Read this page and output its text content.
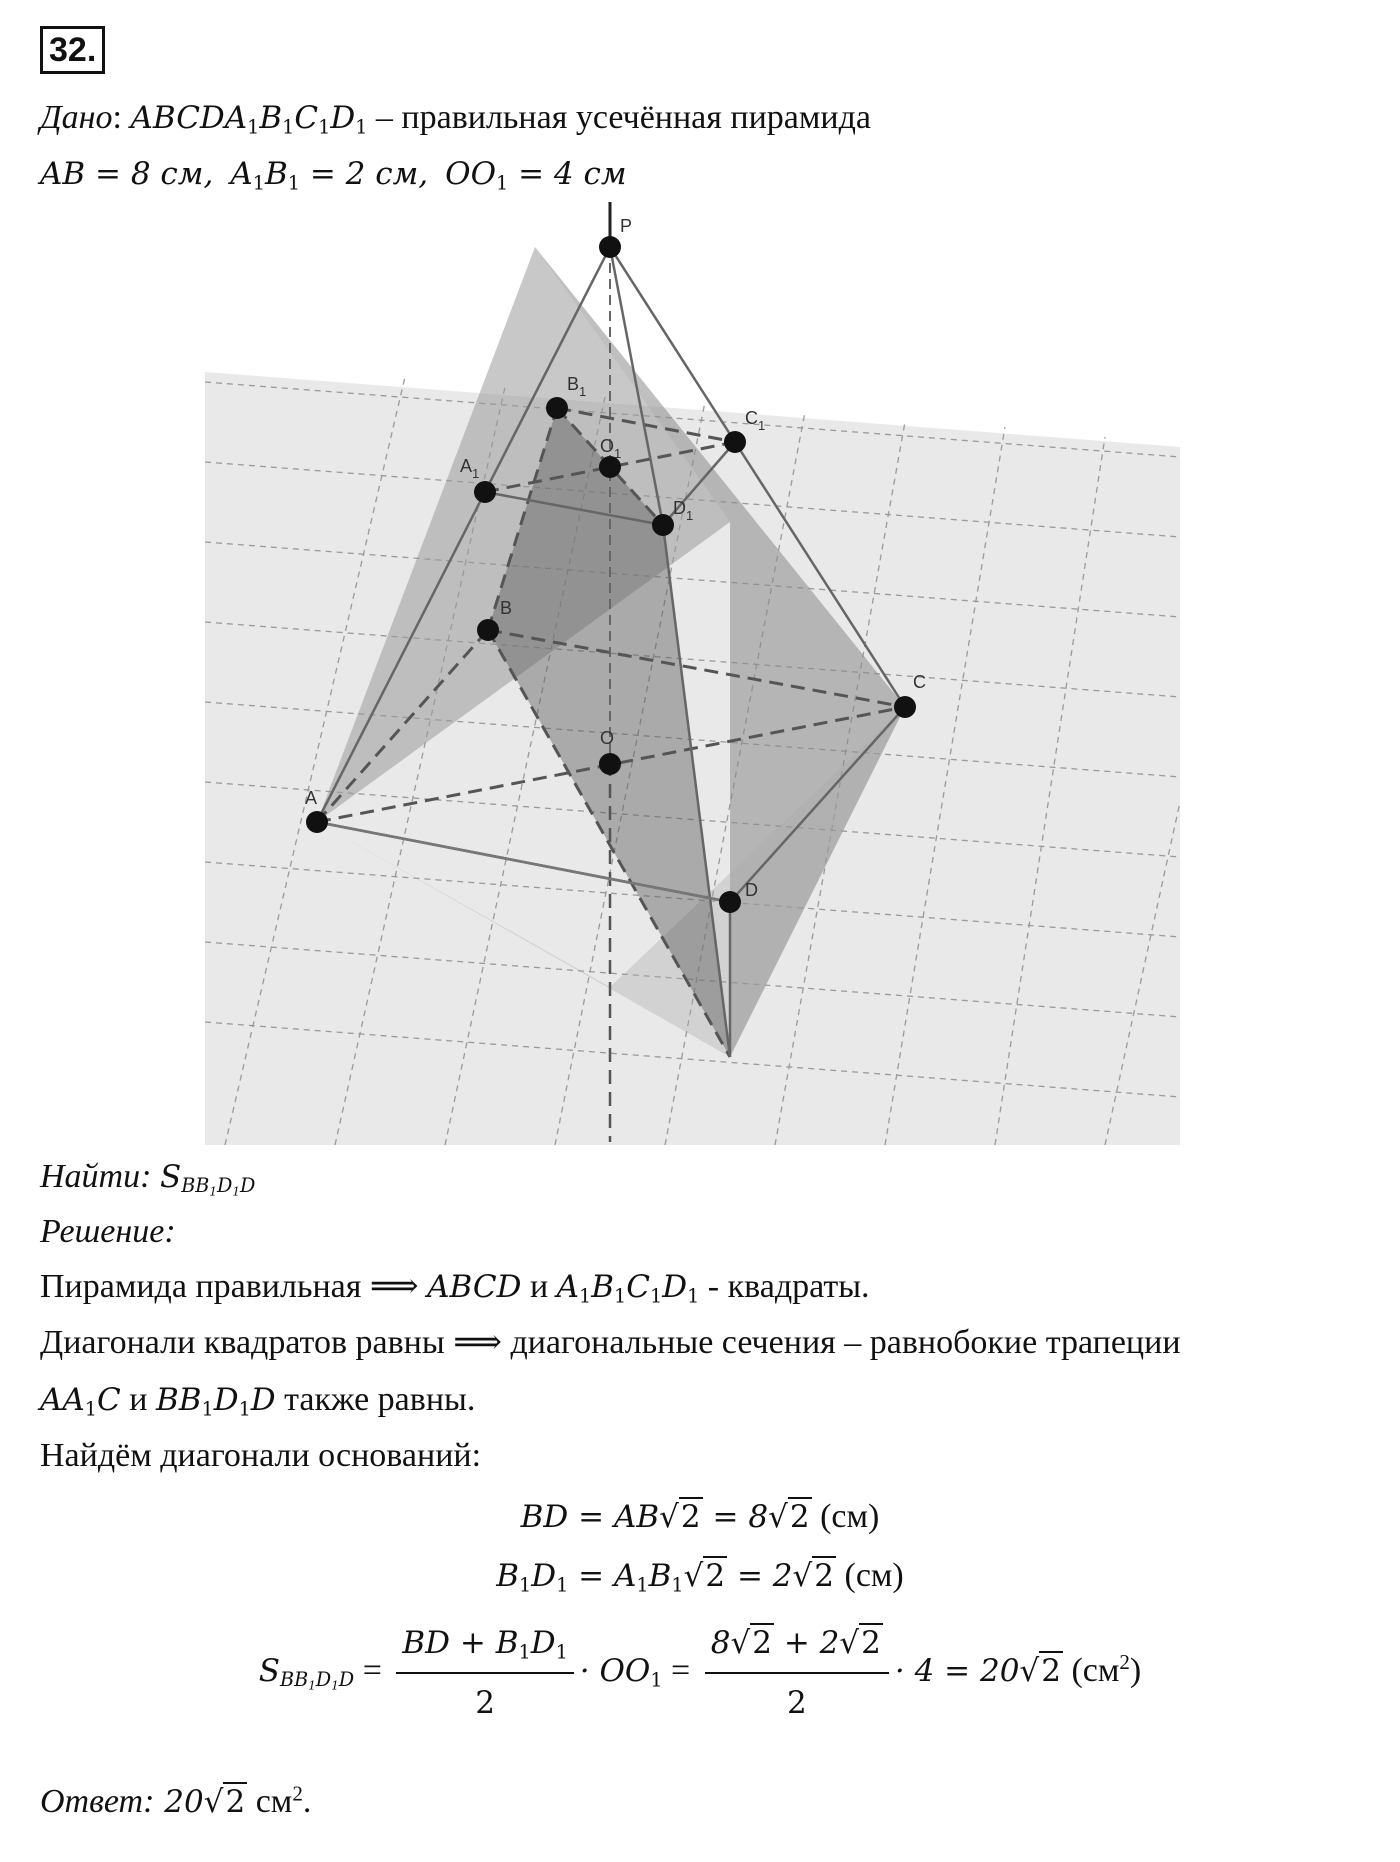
32.
Дано: $ABCDA_1B_1C_1D_1$ – правильная усечённая пирамида
AB = 8 см, $A_1B_1 = 2$ см, $OO_1 = 4$ см
P
$B_1$
$C_1$
$A_1$
$O_1$
$D_1$
B
C
O
A
D
Найти: $S_{BB_1D_1D}$
Решение:
Пирамида правильная ⟹ ABCD и $A_1B_1C_1D_1$ - квадраты.
Диагонали квадратов равны ⟹ диагональные сечения – равнобокие трапеции
$AA_1C$ и $BB_1D_1D$ также равны.
Найдём диагонали оснований:
BD = AB√2 = 8√2 (см)
$B_1D_1 = A_1B_1√2 = 2√2$ (см)
$S_{BB_1D_1D} = \frac{BD + B_1D_1}{2} \cdot OO_1 = \frac{8√2 + 2√2}{2} \cdot 4 = 20√2$ $(см^2)$
Ответ: 20√2 $см^2$.
